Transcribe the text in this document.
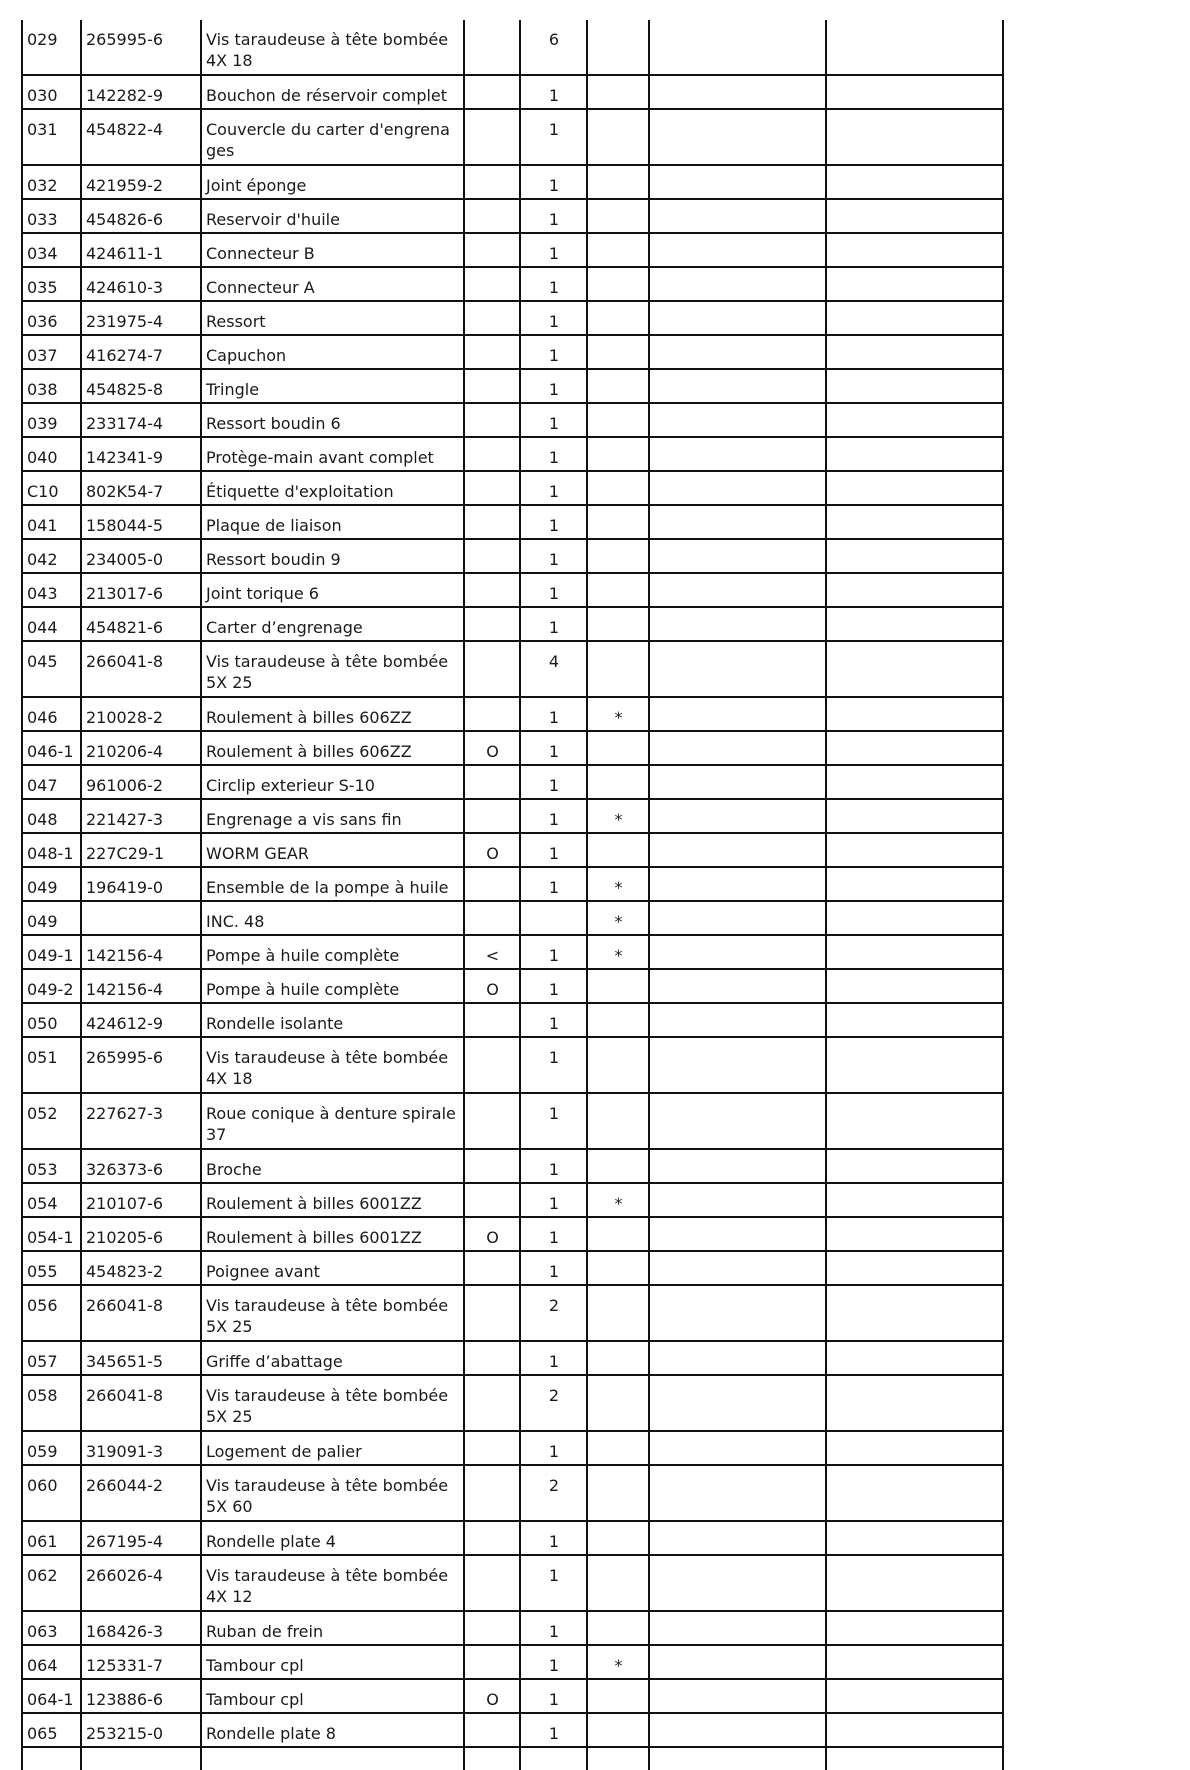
029	265995-6	Vis taraudeuse à tête bombée 4X 18		6			
030	142282-9	Bouchon de réservoir complet		1			
031	454822-4	Couvercle du carter d'engrenages		1			
032	421959-2	Joint éponge		1			
033	454826-6	Reservoir d'huile		1			
034	424611-1	Connecteur B		1			
035	424610-3	Connecteur A		1			
036	231975-4	Ressort		1			
037	416274-7	Capuchon		1			
038	454825-8	Tringle		1			
039	233174-4	Ressort boudin 6		1			
040	142341-9	Protège-main avant complet		1			
C10	802K54-7	Étiquette d'exploitation		1			
041	158044-5	Plaque de liaison		1			
042	234005-0	Ressort boudin 9		1			
043	213017-6	Joint torique 6		1			
044	454821-6	Carter d’engrenage		1			
045	266041-8	Vis taraudeuse à tête bombée 5X 25		4			
046	210028-2	Roulement à billes 606ZZ		1	*		
046-1	210206-4	Roulement à billes 606ZZ	O	1			
047	961006-2	Circlip exterieur S-10		1			
048	221427-3	Engrenage a vis sans fin		1	*		
048-1	227C29-1	WORM GEAR	O	1			
049	196419-0	Ensemble de la pompe à huile		1	*		
049		INC. 48			*		
049-1	142156-4	Pompe à huile complète	<	1	*		
049-2	142156-4	Pompe à huile complète	O	1			
050	424612-9	Rondelle isolante		1			
051	265995-6	Vis taraudeuse à tête bombée 4X 18		1			
052	227627-3	Roue conique à denture spirale 37		1			
053	326373-6	Broche		1			
054	210107-6	Roulement à billes 6001ZZ		1	*		
054-1	210205-6	Roulement à billes 6001ZZ	O	1			
055	454823-2	Poignee avant		1			
056	266041-8	Vis taraudeuse à tête bombée 5X 25		2			
057	345651-5	Griffe d’abattage		1			
058	266041-8	Vis taraudeuse à tête bombée 5X 25		2			
059	319091-3	Logement de palier		1			
060	266044-2	Vis taraudeuse à tête bombée 5X 60		2			
061	267195-4	Rondelle plate 4		1			
062	266026-4	Vis taraudeuse à tête bombée 4X 12		1			
063	168426-3	Ruban de frein		1			
064	125331-7	Tambour cpl		1	*		
064-1	123886-6	Tambour cpl	O	1			
065	253215-0	Rondelle plate 8		1			
